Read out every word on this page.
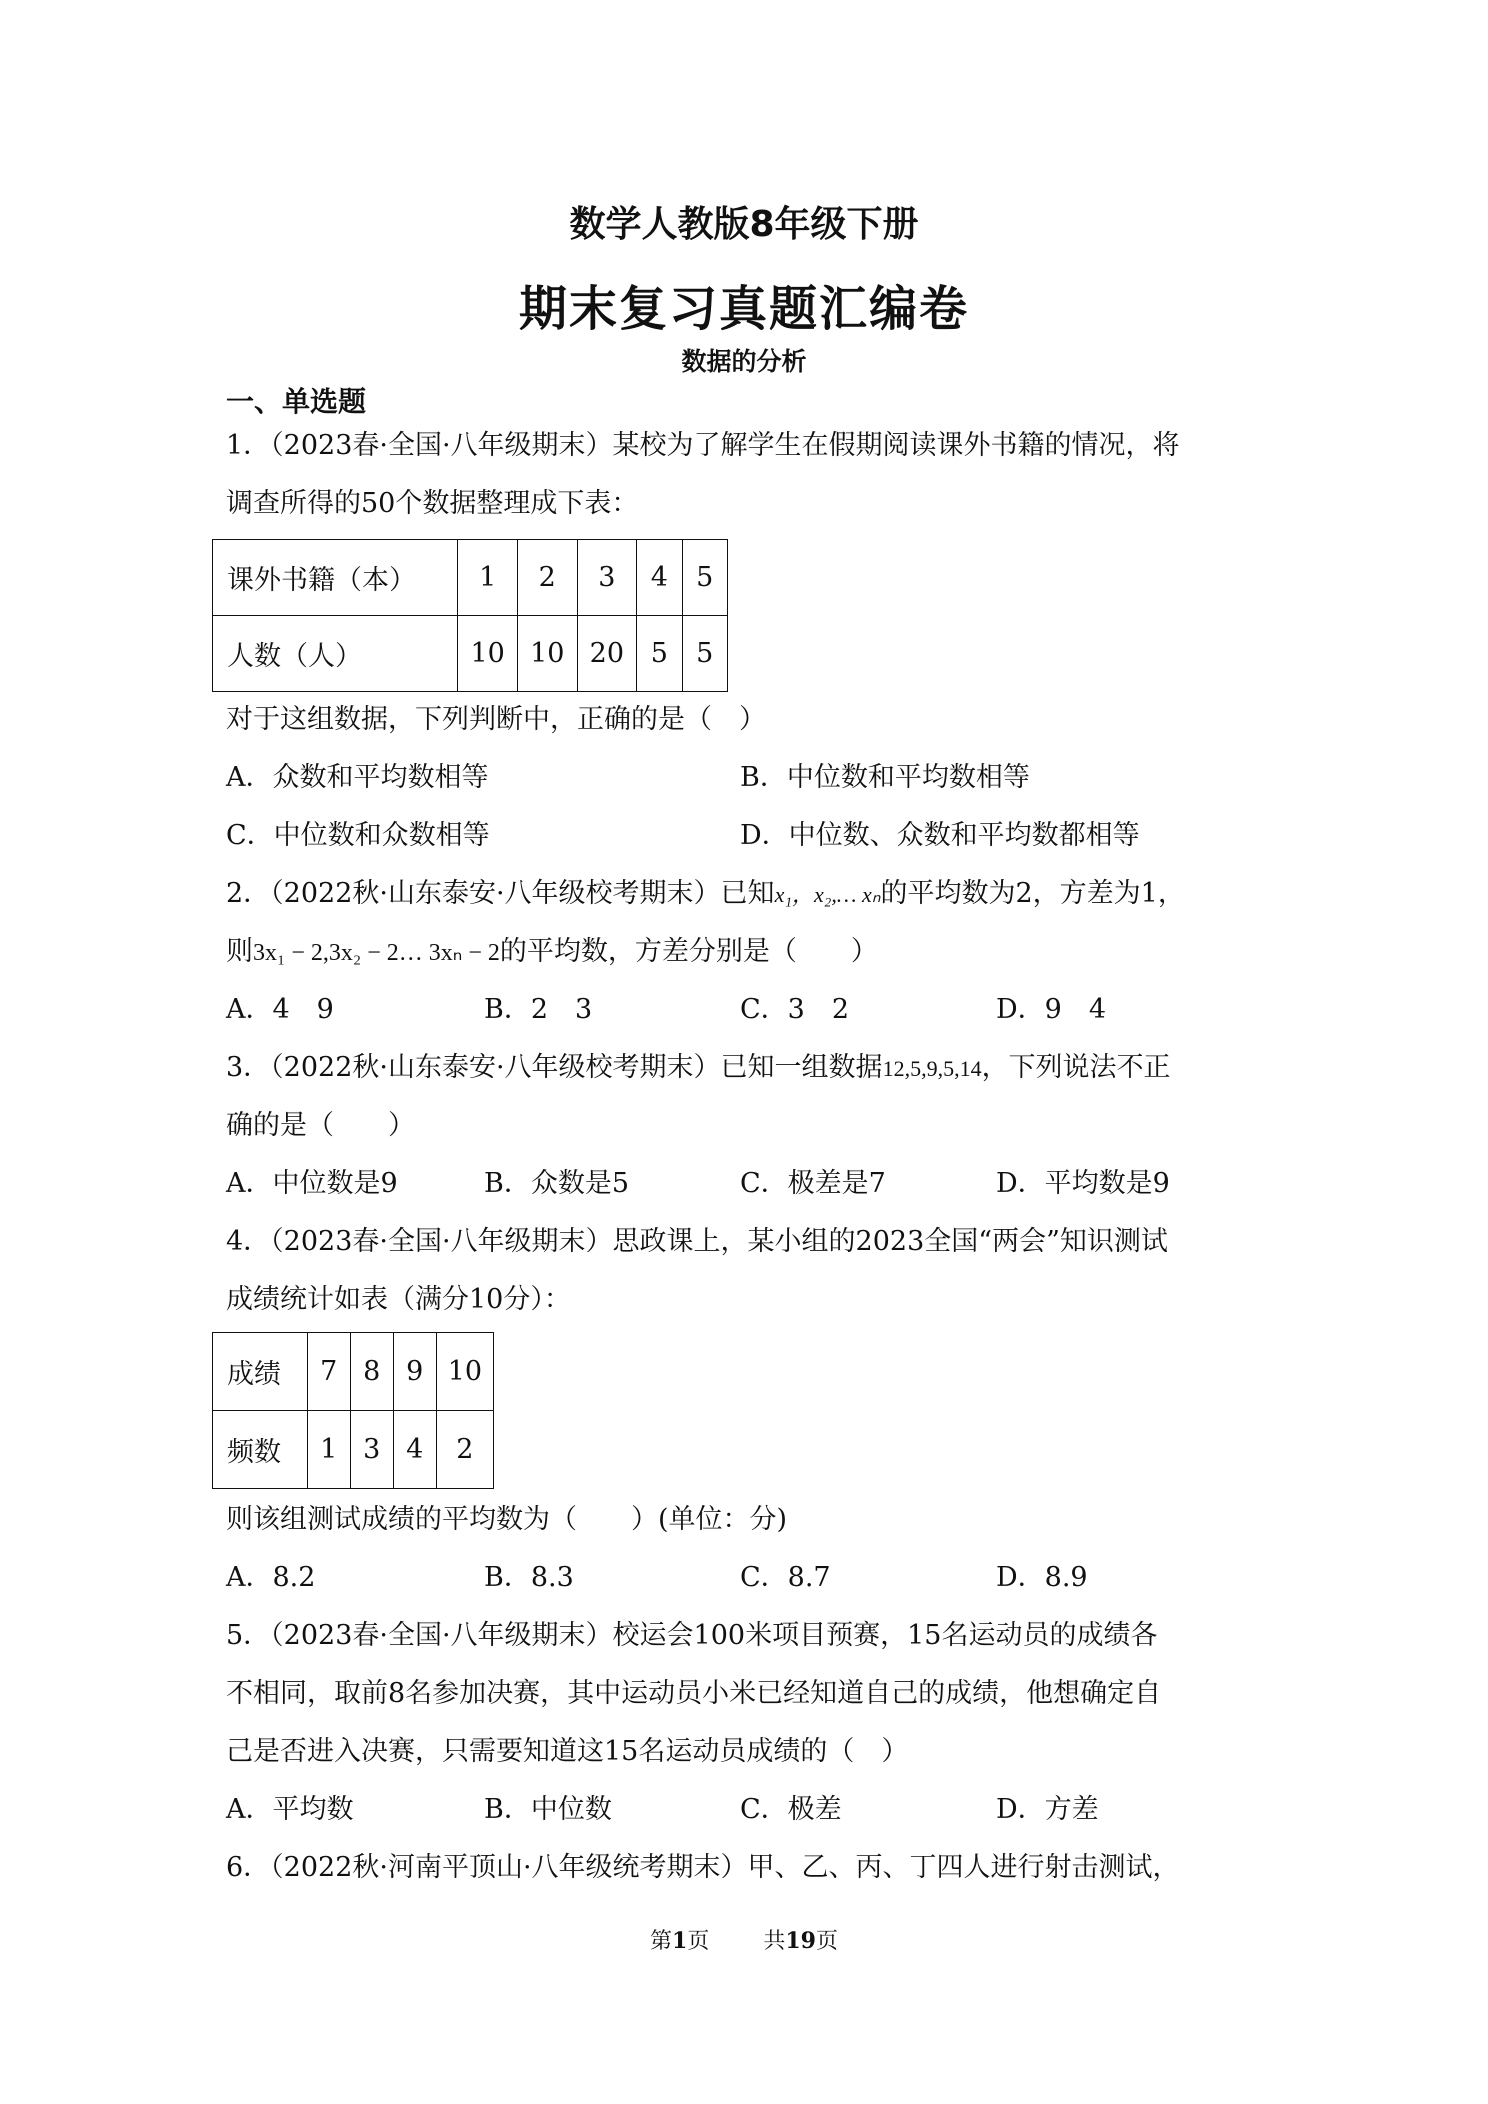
数学人教版8年级下册
期末复习真题汇编卷
数据的分析
一、单选题
1．（2023春·全国·八年级期末）某校为了解学生在假期阅读课外书籍的情况，将
调查所得的50个数据整理成下表：
课外书籍（本）	1	2	3	4	5
人数（人）	10	10	20	5	5
对于这组数据，下列判断中，正确的是（　）
A．众数和平均数相等	B．中位数和平均数相等
C．中位数和众数相等	D．中位数、众数和平均数都相等
2．（2022秋·山东泰安·八年级校考期末）已知x₁，x₂,… xₙ的平均数为2，方差为1，
则3x₁ − 2,3x₂ − 2… 3xₙ − 2的平均数，方差分别是（　　）
A．4　9	B．2　3	C．3　2	D．9　4
3．（2022秋·山东泰安·八年级校考期末）已知一组数据12,5,9,5,14，下列说法不正
确的是（　　）
A．中位数是9	B．众数是5	C．极差是7	D．平均数是9
4．（2023春·全国·八年级期末）思政课上，某小组的2023全国“两会”知识测试
成绩统计如表（满分10分）：
成绩	7	8	9	10
频数	1	3	4	2
则该组测试成绩的平均数为（　　）(单位：分)
A．8.2	B．8.3	C．8.7	D．8.9
5．（2023春·全国·八年级期末）校运会100米项目预赛，15名运动员的成绩各
不相同，取前8名参加决赛，其中运动员小米已经知道自己的成绩，他想确定自
己是否进入决赛，只需要知道这15名运动员成绩的（　）
A．平均数	B．中位数	C．极差	D．方差
6．（2022秋·河南平顶山·八年级统考期末）甲、乙、丙、丁四人进行射击测试，
第1页 共19页
